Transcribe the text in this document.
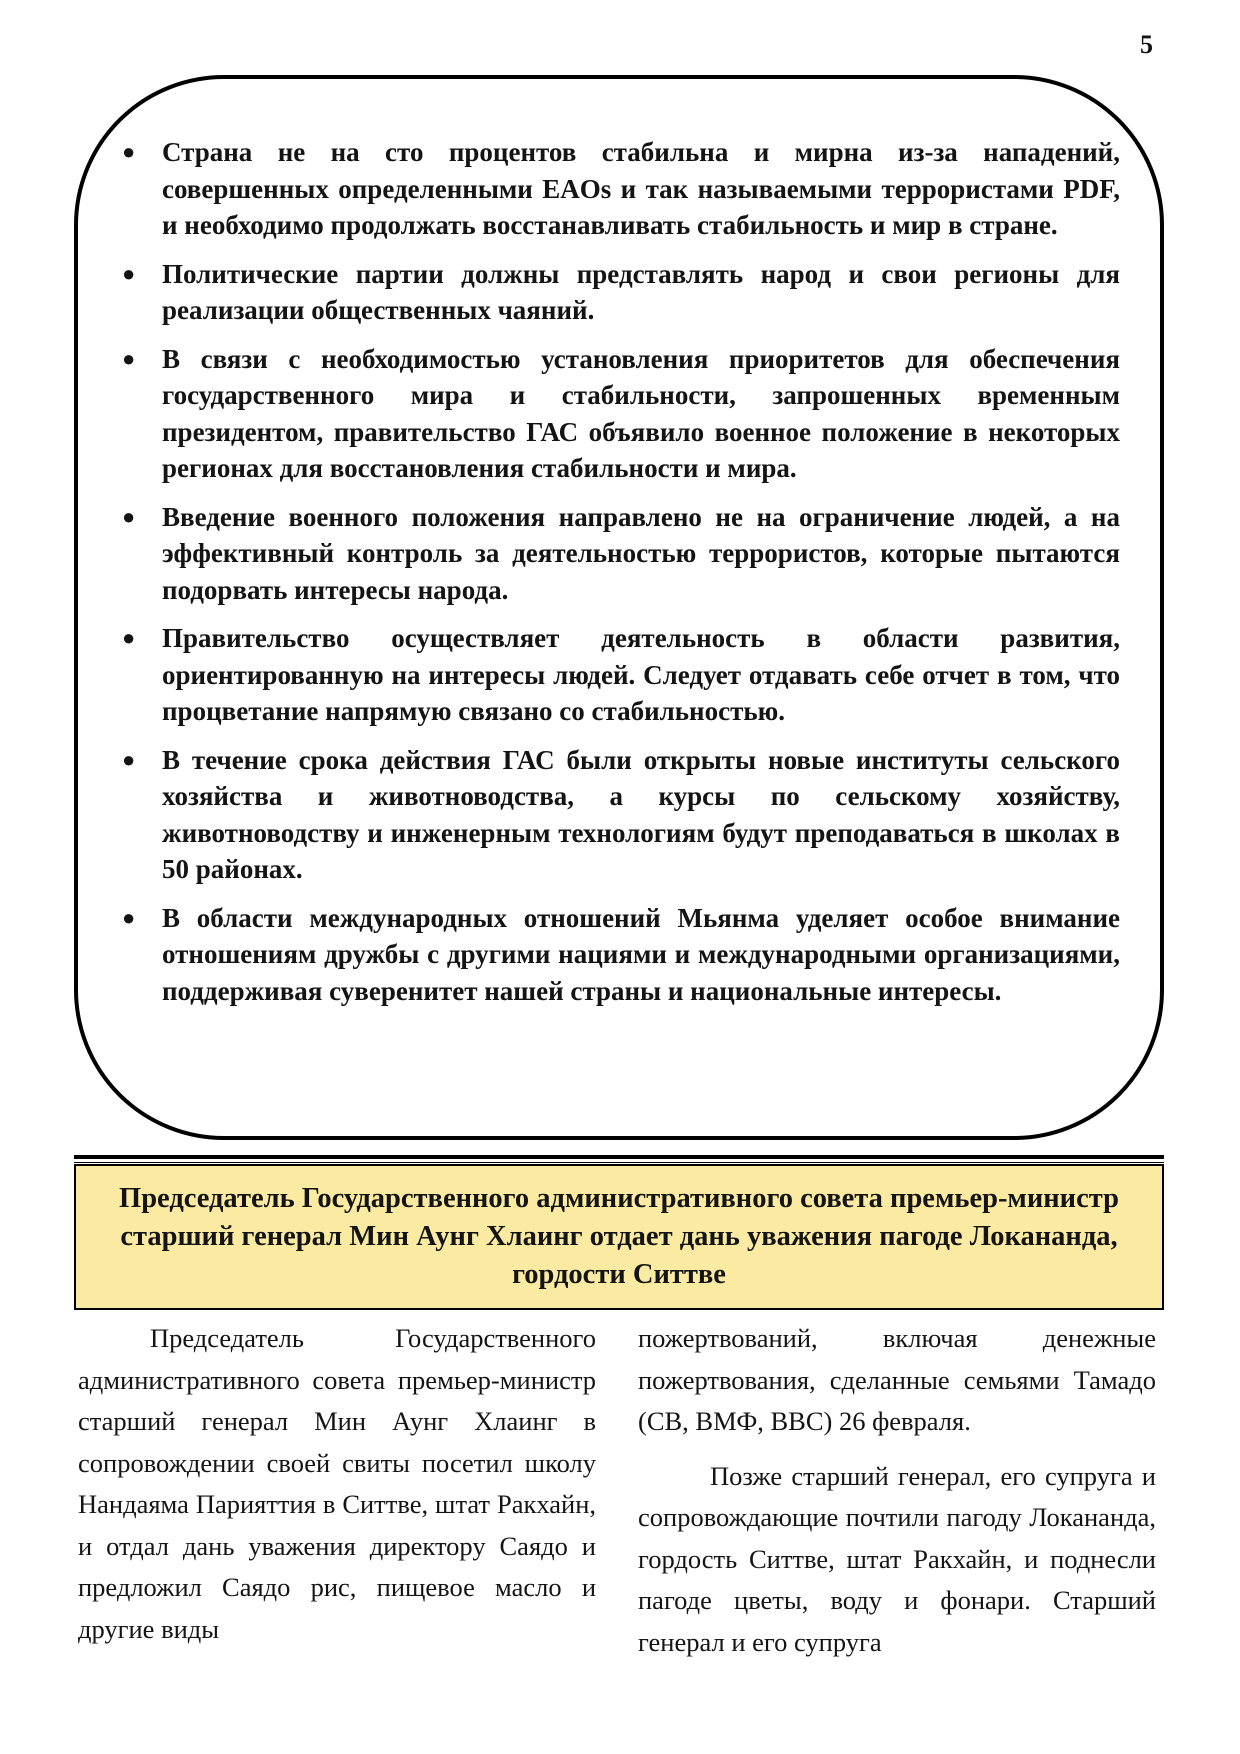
5
● Страна не на сто процентов стабильна и мирна из-за нападений, совершенных определенными EAOs и так называемыми террористами PDF, и необходимо продолжать восстанавливать стабильность и мир в стране.
● Политические партии должны представлять народ и свои регионы для реализации общественных чаяний.
● В связи с необходимостью установления приоритетов для обеспечения государственного мира и стабильности, запрошенных временным президентом, правительство ГАС объявило военное положение в некоторых регионах для восстановления стабильности и мира.
● Введение военного положения направлено не на ограничение людей, а на эффективный контроль за деятельностью террористов, которые пытаются подорвать интересы народа.
● Правительство осуществляет деятельность в области развития, ориентированную на интересы людей. Следует отдавать себе отчет в том, что процветание напрямую связано со стабильностью.
● В течение срока действия ГАС были открыты новые институты сельского хозяйства и животноводства, а курсы по сельскому хозяйству, животноводству и инженерным технологиям будут преподаваться в школах в 50 районах.
● В области международных отношений Мьянма уделяет особое внимание отношениям дружбы с другими нациями и международными организациями, поддерживая суверенитет нашей страны и национальные интересы.

Председатель Государственного административного совета премьер-министр старший генерал Мин Аунг Хлаинг отдает дань уважения пагоде Локананда, гордости Ситтве

Председатель Государственного административного совета премьер-министр старший генерал Мин Аунг Хлаинг в сопровождении своей свиты посетил школу Нандаяма Парияттия в Ситтве, штат Ракхайн, и отдал дань уважения директору Саядо и предложил Саядо рис, пищевое масло и другие виды

пожертвований, включая денежные пожертвования, сделанные семьями Тамадо (СВ, ВМФ, ВВС) 26 февраля.

Позже старший генерал, его супруга и сопровождающие почтили пагоду Локананда, гордость Ситтве, штат Ракхайн, и поднесли пагоде цветы, воду и фонари. Старший генерал и его супруга
